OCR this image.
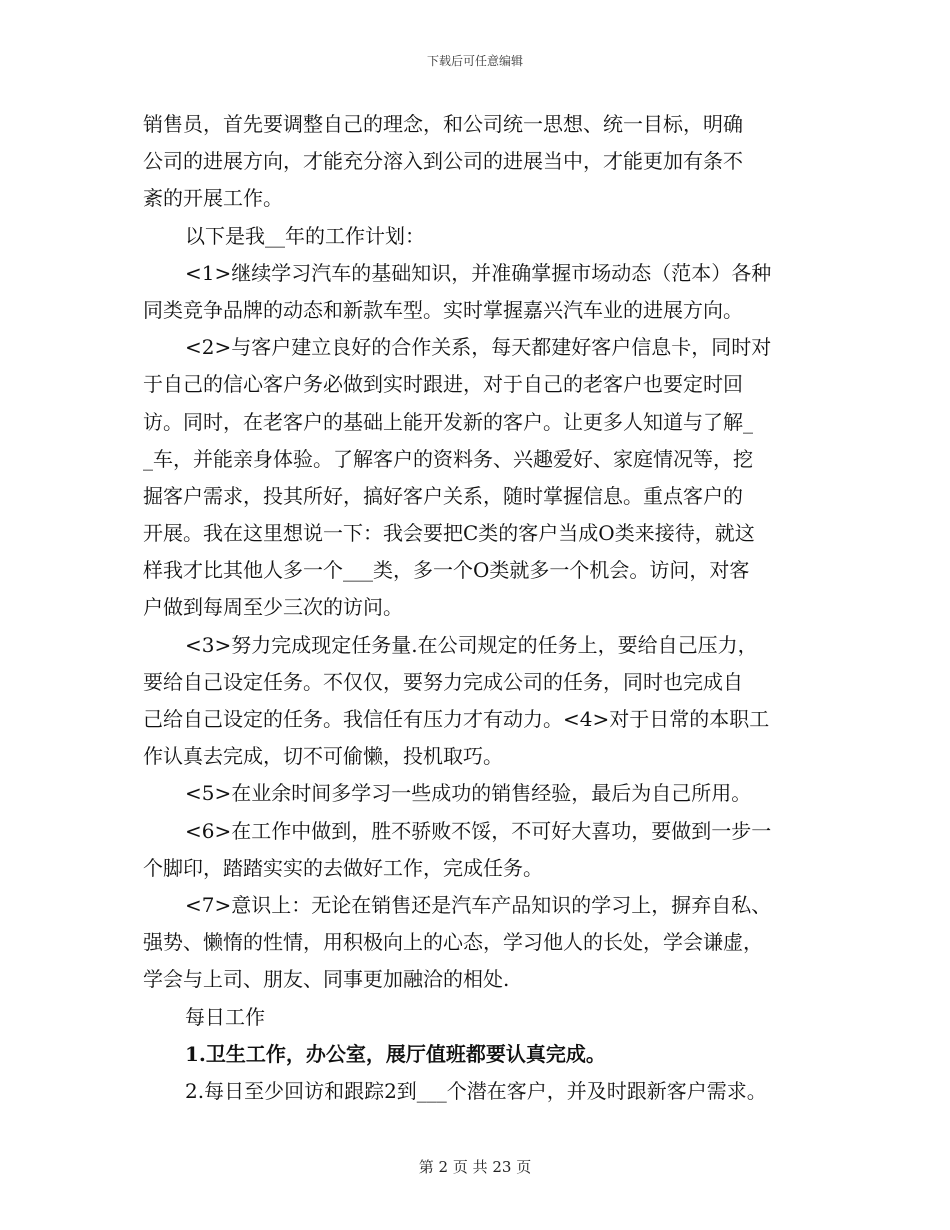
下载后可任意编辑
销售员，首先要调整自己的理念，和公司统一思想、统一目标，明确
公司的进展方向，才能充分溶入到公司的进展当中，才能更加有条不
紊的开展工作。
以下是我__年的工作计划：
<1>继续学习汽车的基础知识，并准确掌握市场动态（范本）各种
同类竞争品牌的动态和新款车型。实时掌握嘉兴汽车业的进展方向。
<2>与客户建立良好的合作关系，每天都建好客户信息卡，同时对
于自己的信心客户务必做到实时跟进，对于自己的老客户也要定时回
访。同时，在老客户的基础上能开发新的客户。让更多人知道与了解_
_车，并能亲身体验。了解客户的资料务、兴趣爱好、家庭情况等，挖
掘客户需求，投其所好，搞好客户关系，随时掌握信息。重点客户的
开展。我在这里想说一下：我会要把C类的客户当成O类来接待，就这
样我才比其他人多一个___类，多一个O类就多一个机会。访问，对客
户做到每周至少三次的访问。
<3>努力完成现定任务量.在公司规定的任务上，要给自己压力，
要给自己设定任务。不仅仅，要努力完成公司的任务，同时也完成自
己给自己设定的任务。我信任有压力才有动力。<4>对于日常的本职工
作认真去完成，切不可偷懒，投机取巧。
<5>在业余时间多学习一些成功的销售经验，最后为自己所用。
<6>在工作中做到，胜不骄败不馁，不可好大喜功，要做到一步一
个脚印，踏踏实实的去做好工作，完成任务。
<7>意识上：无论在销售还是汽车产品知识的学习上，摒弃自私、
强势、懒惰的性情，用积极向上的心态，学习他人的长处，学会谦虚，
学会与上司、朋友、同事更加融洽的相处.
每日工作
1.卫生工作，办公室，展厅值班都要认真完成。
2.每日至少回访和跟踪2到___个潜在客户，并及时跟新客户需求。
第 2 页 共 23 页
